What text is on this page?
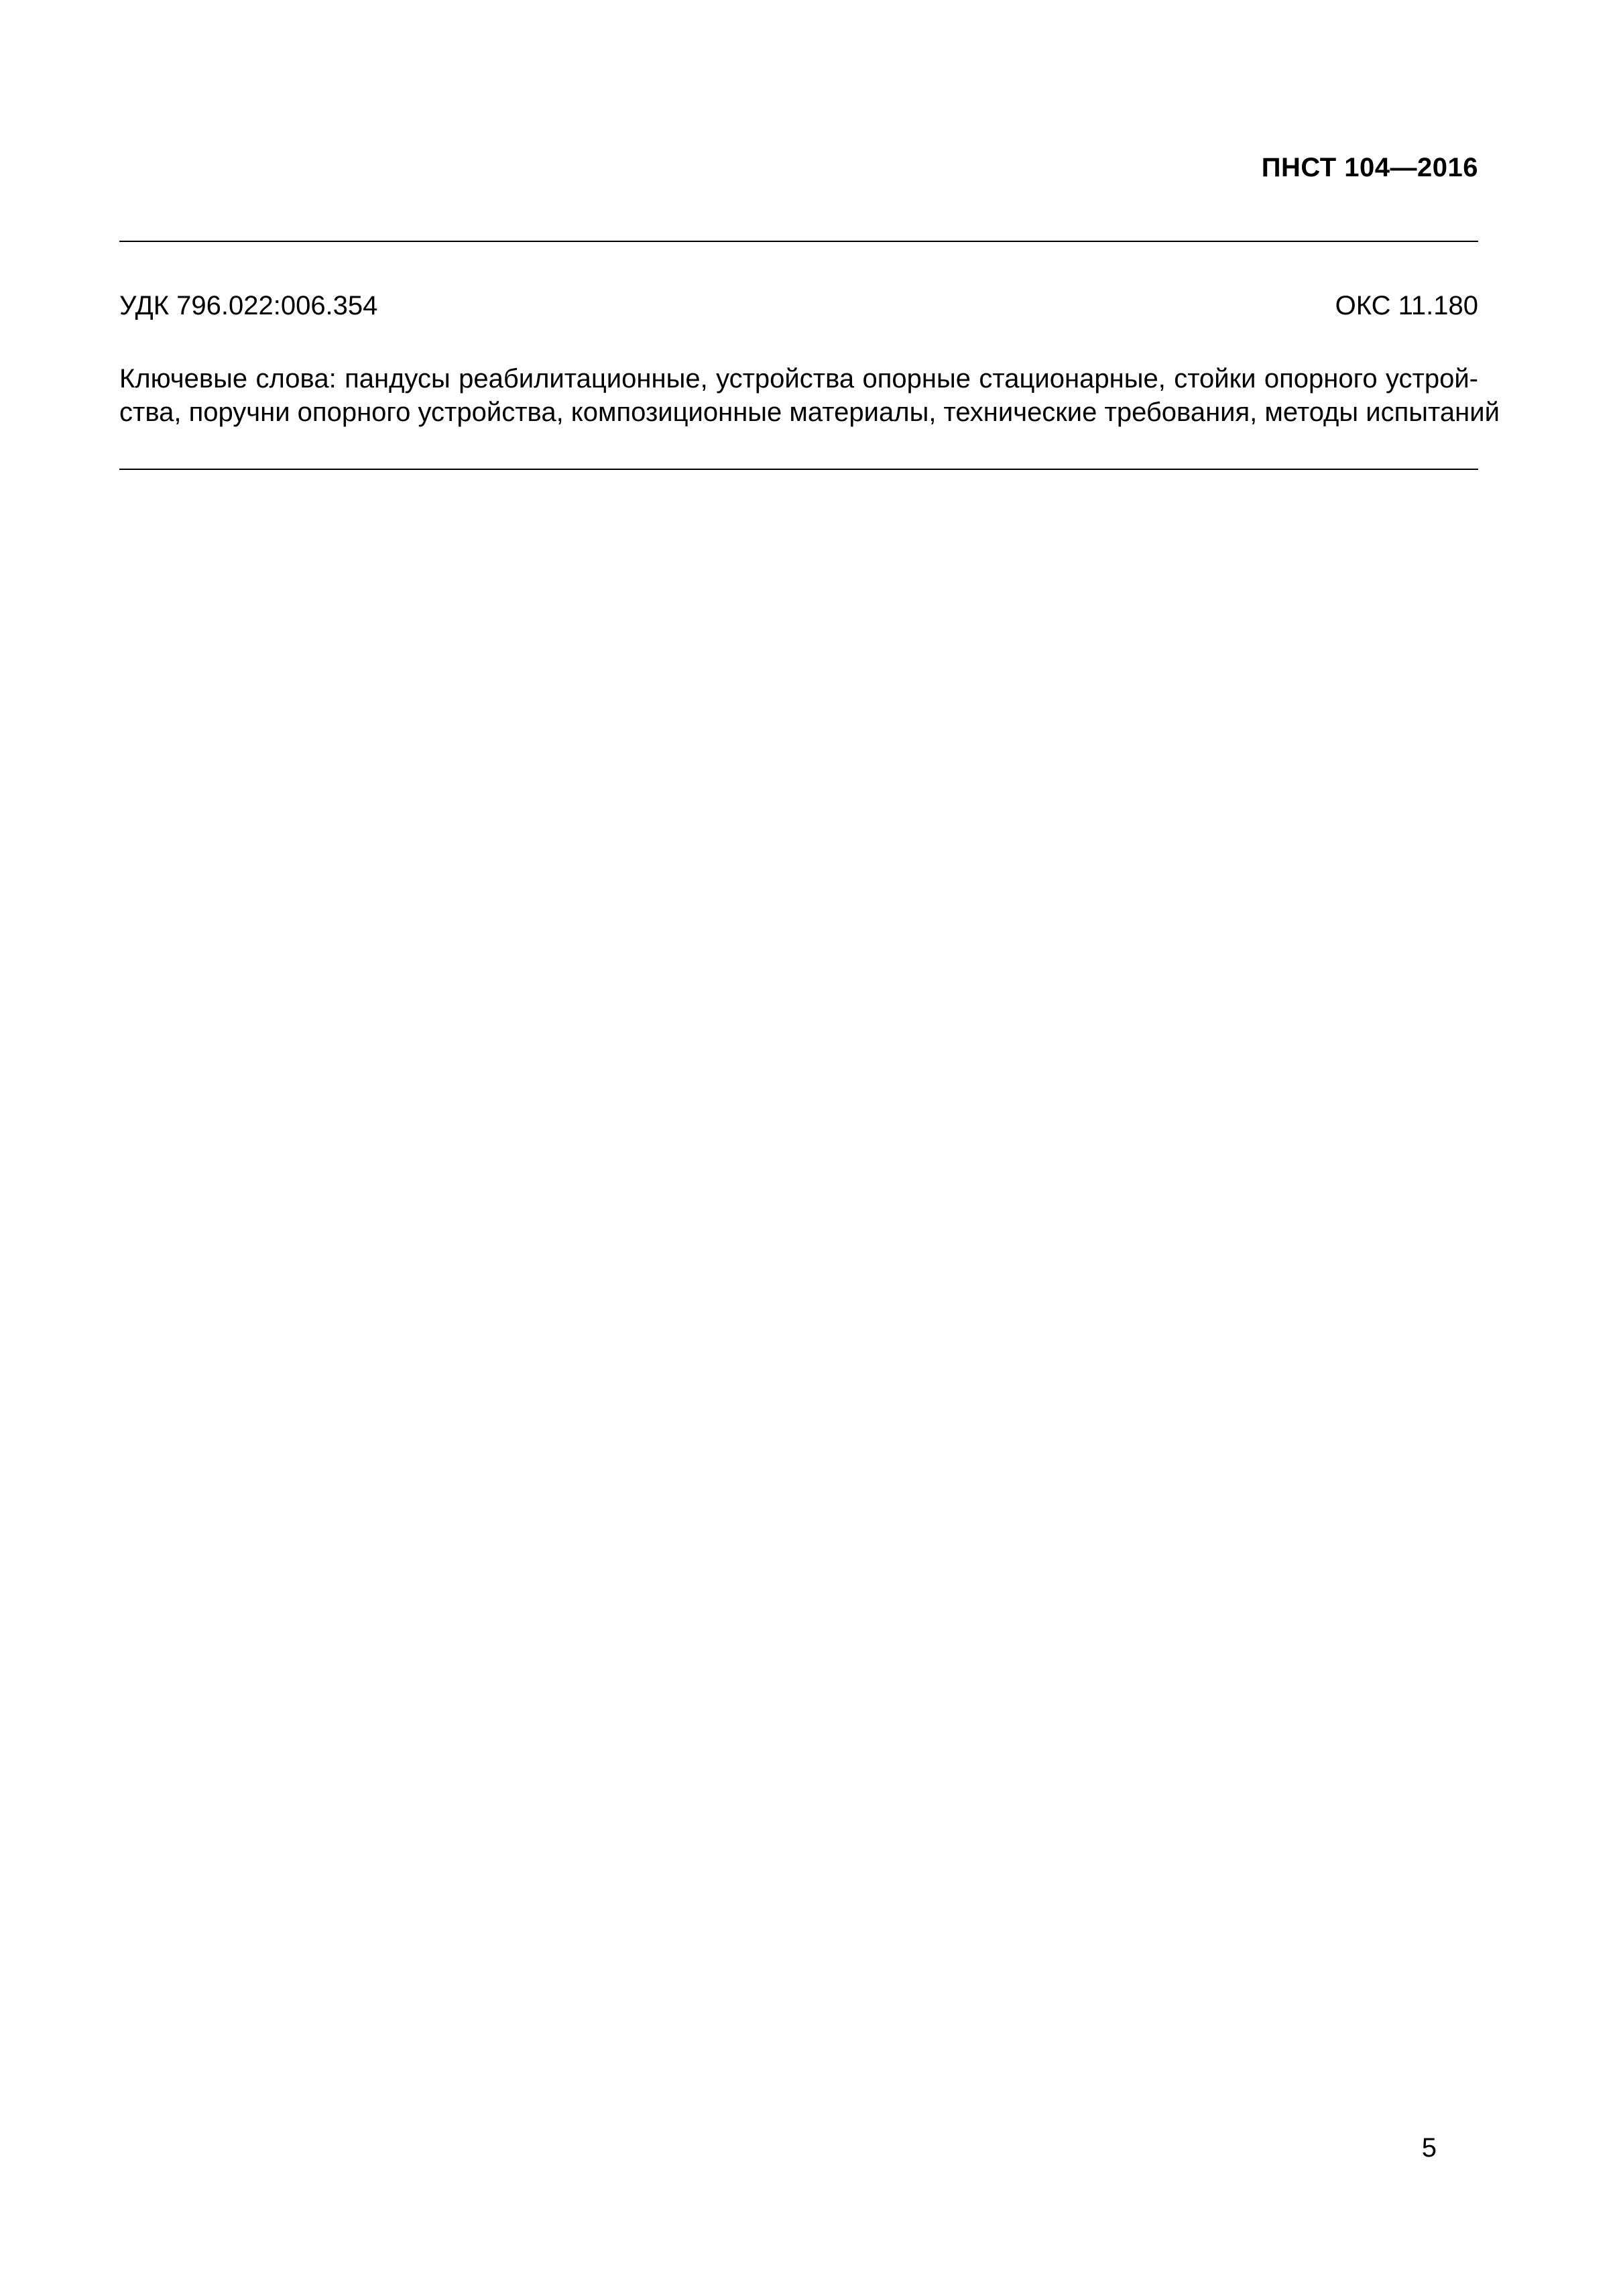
ПНСТ 104—2016
УДК 796.022:006.354	ОКС 11.180
Ключевые слова: пандусы реабилитационные, устройства опорные стационарные, стойки опорного устрой-
ства, поручни опорного устройства, композиционные материалы, технические требования, методы испытаний
5
